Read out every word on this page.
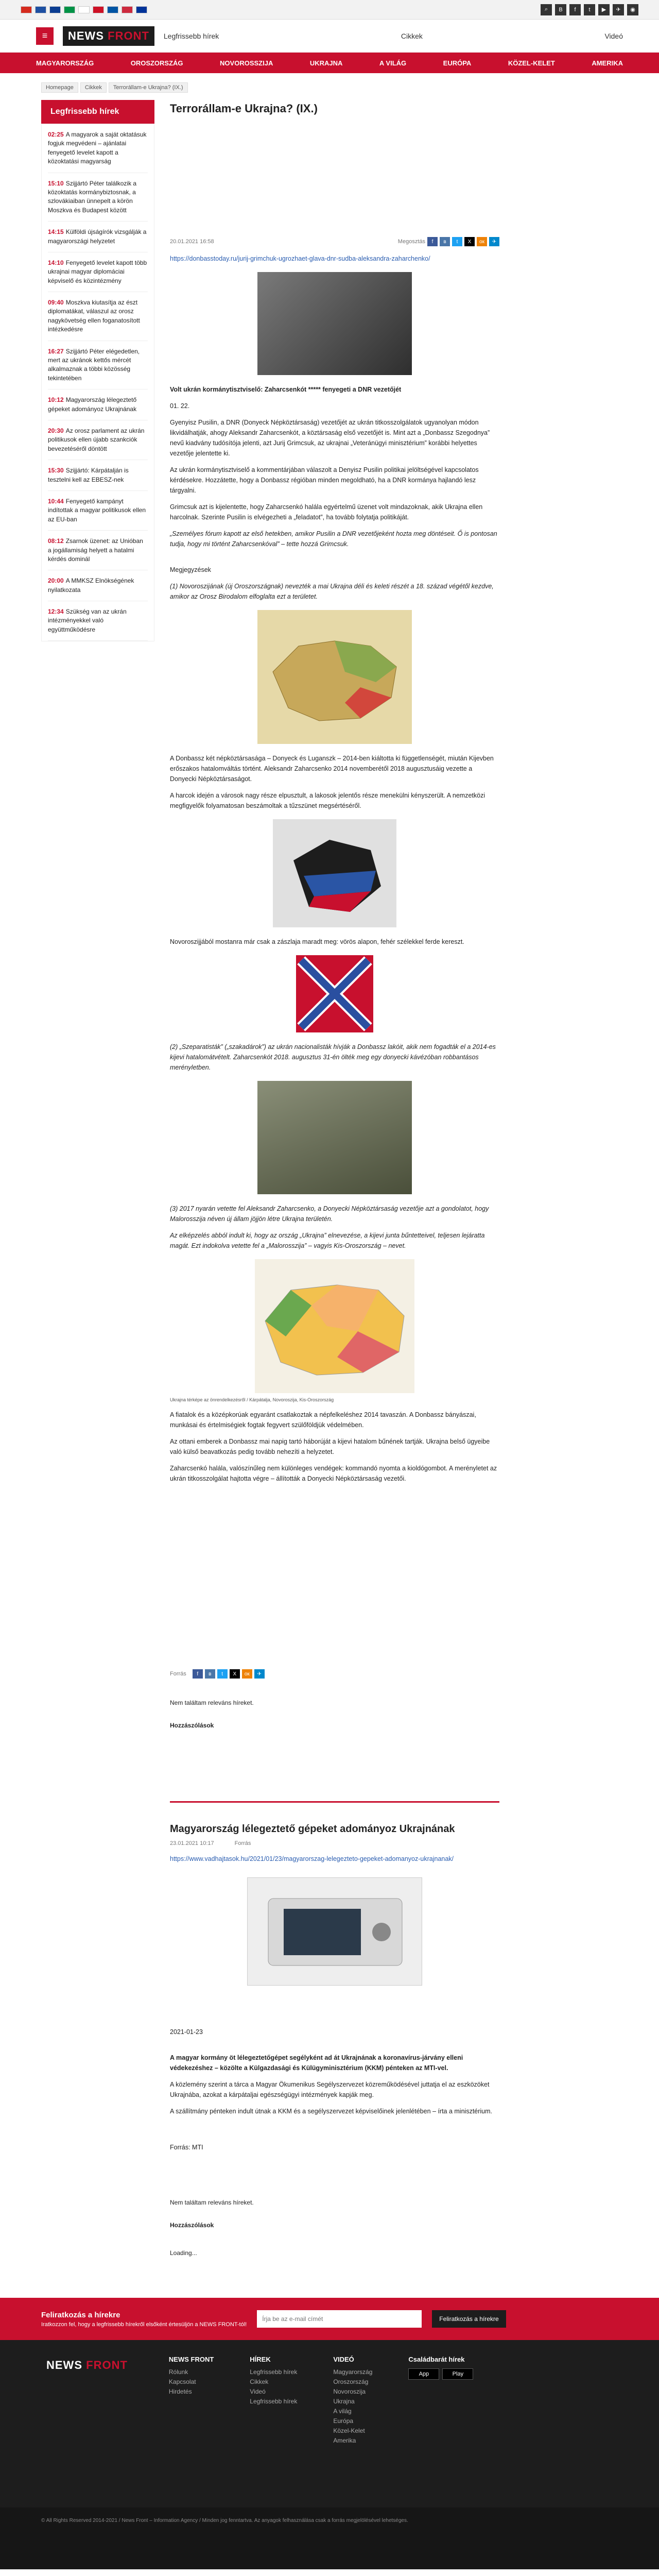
⌕	В	f	t	▶	✈	◉
≡	NEWS FRONT	Legfrissebb hírek	Cikkek	Videó
MAGYARORSZÁG	OROSZORSZÁG	NOVOROSSZIJA	UKRAJNA	A VILÁG	EURÓPA	KÖZEL-KELET	AMERIKA
Homepage	Cikkek	Terrorállam-e Ukrajna? (IX.)
Legfrissebb hírek
02:25 A magyarok a saját oktatásuk fogjuk megvédeni – ajánlatai fenyegető levelet kapott a közoktatási magyarság
15:10 Szijjártó Péter találkozik a közoktatás kormánybiztosnak, a szlovákiaiban ünnepelt a körön Moszkva és Budapest között
14:15 Külföldi újságírók vizsgálják a magyarországi helyzetet
14:10 Fenyegető levelet kapott több ukrajnai magyar diplomáciai képviselő és közintézmény
09:40 Moszkva kiutasítja az észt diplomatákat, válaszul az orosz nagykövetség ellen foganatosított intézkedésre
16:27 Szijjártó Péter elégedetlen, mert az ukránok kettős mércét alkalmaznak a többi közösség tekintetében
10:12 Magyarország lélegeztető gépeket adományoz Ukrajnának
20:30 Az orosz parlament az ukrán politikusok ellen újabb szankciók bevezetéséről döntött
15:30 Szijjártó: Kárpátalján is tesztelni kell az EBESZ-nek
10:44 Fenyegető kampányt indítottak a magyar politikusok ellen az EU-ban
08:12 Zsarnok üzenet: az Unióban a jogállamiság helyett a hatalmi kérdés dominál
20:00 A MMKSZ Elnökségének nyilatkozata
12:34 Szükség van az ukrán intézményekkel való együttműködésre
Terrorállam-e Ukrajna? (IX.)
20.01.2021 16:58	Megosztás	f	в	t	X	ок	✈
https://donbasstoday.ru/jurij-grimchuk-ugrozhaet-glava-dnr-sudba-aleksandra-zaharchenko/

Volt ukrán kormánytisztviselő: Zaharcsenkót ***** fenyegeti a DNR vezetőjét

01. 22.

Gyenyisz Pusilin, a DNR (Donyeck Népköztársaság) vezetőjét az ukrán titkosszolgálatok ugyanolyan módon likvidálhatják, ahogy Aleksandr Zaharcsenkót, a köztársaság első vezetőjét is. Mint azt a „Donbassz Szegodnya” nevű kiadvány tudósítója jelenti, azt Jurij Grimcsuk, az ukrajnai „Veteránügyi minisztérium” korábbi helyettes vezetője jelentette ki.

Az ukrán kormánytisztviselő a kommentárjában válaszolt a Denyisz Pusilin politikai jelöltségével kapcsolatos kérdésekre. Hozzátette, hogy a Donbassz régióban minden megoldható, ha a DNR kormánya hajlandó lesz tárgyalni.

Grimcsuk azt is kijelentette, hogy Zaharcsenkó halála egyértelmű üzenet volt mindazoknak, akik Ukrajna ellen harcolnak. Szerinte Pusilin is elvégezheti a „feladatot”, ha tovább folytatja politikáját.

„Személyes fórum kapott az első hetekben, amikor Pusilin a DNR vezetőjeként hozta meg döntéseit. Ő is pontosan tudja, hogy mi történt Zaharcsenkóval” – tette hozzá Grimcsuk.

Megjegyzések

(1) Novoroszijának (új Oroszországnak) nevezték a mai Ukrajna déli és keleti részét a 18. század végétől kezdve, amikor az Orosz Birodalom elfoglalta ezt a területet.

A Donbassz két népköztársasága – Donyeck és Luganszk – 2014-ben kiáltotta ki függetlenségét, miután Kijevben erőszakos hatalomváltás történt. Aleksandr Zaharcsenko 2014 novemberétől 2018 augusztusáig vezette a Donyecki Népköztársaságot.

A harcok idején a városok nagy része elpusztult, a lakosok jelentős része menekülni kényszerült. A nemzetközi megfigyelők folyamatosan beszámoltak a tűzszünet megsértéséről.

Novoroszijjából mostanra már csak a zászlaja maradt meg: vörös alapon, fehér szélekkel ferde kereszt.

(2) „Szeparatisták” („szakadárok”) az ukrán nacionalisták hívják a Donbassz lakóit, akik nem fogadták el a 2014-es kijevi hatalomátvételt. Zaharcsenkót 2018. augusztus 31-én ölték meg egy donyecki kávézóban robbantásos merényletben.

(3) 2017 nyarán vetette fel Aleksandr Zaharcsenko, a Donyecki Népköztársaság vezetője azt a gondolatot, hogy Malorosszija néven új állam jöjjön létre Ukrajna területén.

Az elképzelés abból indult ki, hogy az ország „Ukrajna” elnevezése, a kijevi junta bűntetteivel, teljesen lejáratta magát. Ezt indokolva vetette fel a „Malorosszija” – vagyis Kis-Oroszország – nevet.

Ukrajna térképe az önrendelkezésről / Kárpátalja, Novoroszija, Kis-Oroszország

A fiatalok és a középkorúak egyaránt csatlakoztak a népfelkeléshez 2014 tavaszán. A Donbassz bányászai, munkásai és értelmiségiek fogtak fegyvert szülőföldjük védelmében.

Az ottani emberek a Donbassz mai napig tartó háborúját a kijevi hatalom bűnének tartják. Ukrajna belső ügyeibe való külső beavatkozás pedig tovább nehezíti a helyzetet.

Zaharcsenkó halála, valószínűleg nem különleges vendégek: kommandó nyomta a kioldógombot. A merényletet az ukrán titkosszolgálat hajtotta végre – állították a Donyecki Népköztársaság vezetői.

Forrás	f	в	t	X	ок	✈

Nem találtam releváns híreket.

Hozzászólások

Magyarország lélegeztető gépeket adományoz Ukrajnának
23.01.2021 10:17	Forrás
https://www.vadhajtasok.hu/2021/01/23/magyarorszag-lelegezteto-gepeket-adomanyoz-ukrajnanak/

2021-01-23

A magyar kormány öt lélegeztetőgépet segélyként ad át Ukrajnának a koronavírus-járvány elleni védekezéshez – közölte a Külgazdasági és Külügyminisztérium (KKM) pénteken az MTI-vel.

A közlemény szerint a tárca a Magyar Ökumenikus Segélyszervezet közreműködésével juttatja el az eszközöket Ukrajnába, azokat a kárpátaljai egészségügyi intézmények kapják meg.

A szállítmány pénteken indult útnak a KKM és a segélyszervezet képviselőinek jelenlétében – írta a minisztérium.

Forrás: MTI

Nem találtam releváns híreket.

Hozzászólások

Loading...

Feliratkozás a hírekre

Iratkozzon fel, hogy a legfrissebb hírekről elsőként értesüljön a NEWS FRONT-tól!

Írja be az e-mail címét
Feliratkozás a hírekre
NEWS FRONT	NEWS FRONT
Rólunk
Kapcsolat
Hirdetés
HÍREK
Legfrissebb hírek
Cikkek
Videó
Legfrissebb hírek
VIDEÓ
Magyarország
Oroszország
Novoroszija
Ukrajna
A világ
Európa
Közel-Kelet
Amerika
Családbarát hírek
App	Play
© All Rights Reserved 2014-2021 / News Front – Information Agency / Minden jog fenntartva. Az anyagok felhasználása csak a forrás megjelölésével lehetséges.
